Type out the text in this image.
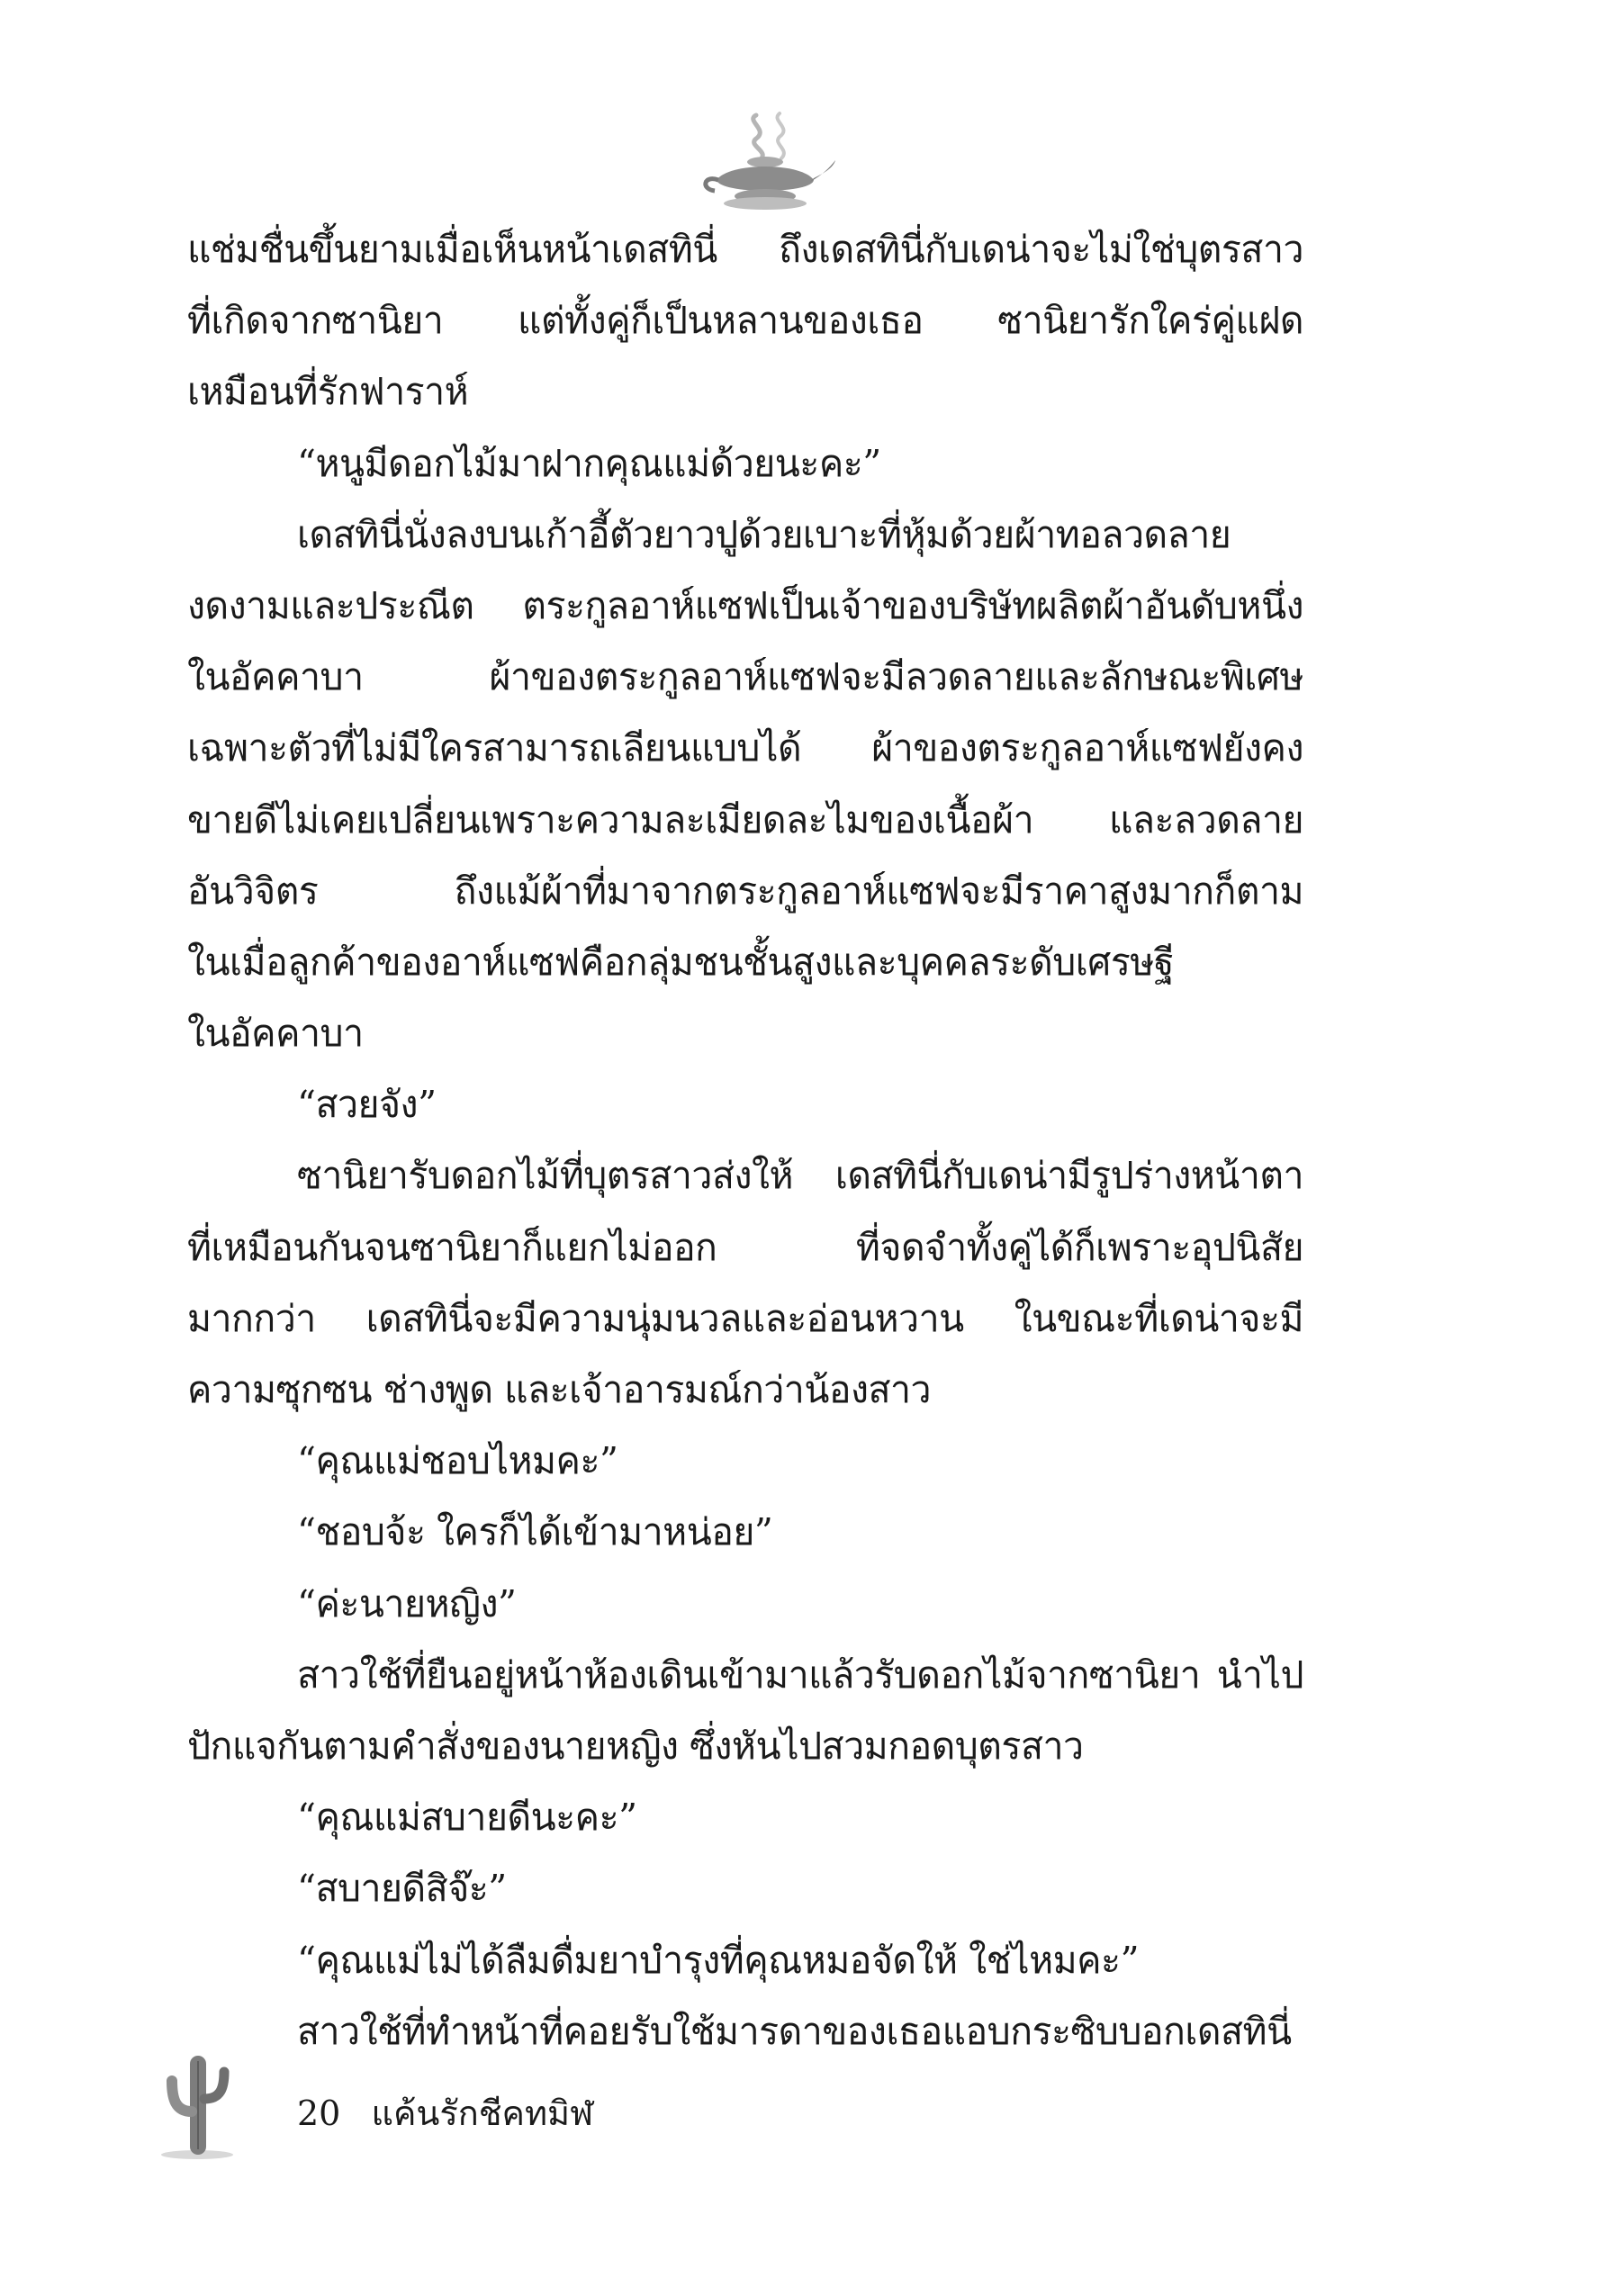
แช่มชื่นขึ้นยามเมื่อเห็นหน้าเดสทินี่ ถึงเดสทินี่กับเดน่าจะไม่ใช่บุตรสาว
ที่เกิดจากซานิยา แต่ทั้งคู่ก็เป็นหลานของเธอ ซานิยารักใคร่คู่แฝด
เหมือนที่รักฟาราห์
“หนูมีดอกไม้มาฝากคุณแม่ด้วยนะคะ”
เดสทินี่นั่งลงบนเก้าอี้ตัวยาวปูด้วยเบาะที่หุ้มด้วยผ้าทอลวดลาย
งดงามและประณีต ตระกูลอาห์แซฟเป็นเจ้าของบริษัทผลิตผ้าอันดับหนึ่ง
ในอัคคาบา ผ้าของตระกูลอาห์แซฟจะมีลวดลายและลักษณะพิเศษ
เฉพาะตัวที่ไม่มีใครสามารถเลียนแบบได้ ผ้าของตระกูลอาห์แซฟยังคง
ขายดีไม่เคยเปลี่ยนเพราะความละเมียดละไมของเนื้อผ้า และลวดลาย
อันวิจิตร ถึงแม้ผ้าที่มาจากตระกูลอาห์แซฟจะมีราคาสูงมากก็ตาม
ในเมื่อลูกค้าของอาห์แซฟคือกลุ่มชนชั้นสูงและบุคคลระดับเศรษฐี
ในอัคคาบา
“สวยจัง”
ซานิยารับดอกไม้ที่บุตรสาวส่งให้ เดสทินี่กับเดน่ามีรูปร่างหน้าตา
ที่เหมือนกันจนซานิยาก็แยกไม่ออก ที่จดจำทั้งคู่ได้ก็เพราะอุปนิสัย
มากกว่า เดสทินี่จะมีความนุ่มนวลและอ่อนหวาน ในขณะที่เดน่าจะมี
ความซุกซน ช่างพูด และเจ้าอารมณ์กว่าน้องสาว
“คุณแม่ชอบไหมคะ”
“ชอบจ้ะ ใครก็ได้เข้ามาหน่อย”
“ค่ะนายหญิง”
สาวใช้ที่ยืนอยู่หน้าห้องเดินเข้ามาแล้วรับดอกไม้จากซานิยา นำไป
ปักแจกันตามคำสั่งของนายหญิง ซึ่งหันไปสวมกอดบุตรสาว
“คุณแม่สบายดีนะคะ”
“สบายดีสิจ๊ะ”
“คุณแม่ไม่ได้ลืมดื่มยาบำรุงที่คุณหมอจัดให้ ใช่ไหมคะ”
สาวใช้ที่ทำหน้าที่คอยรับใช้มารดาของเธอแอบกระซิบบอกเดสทินี่
20 แค้นรักชีคทมิฬ
